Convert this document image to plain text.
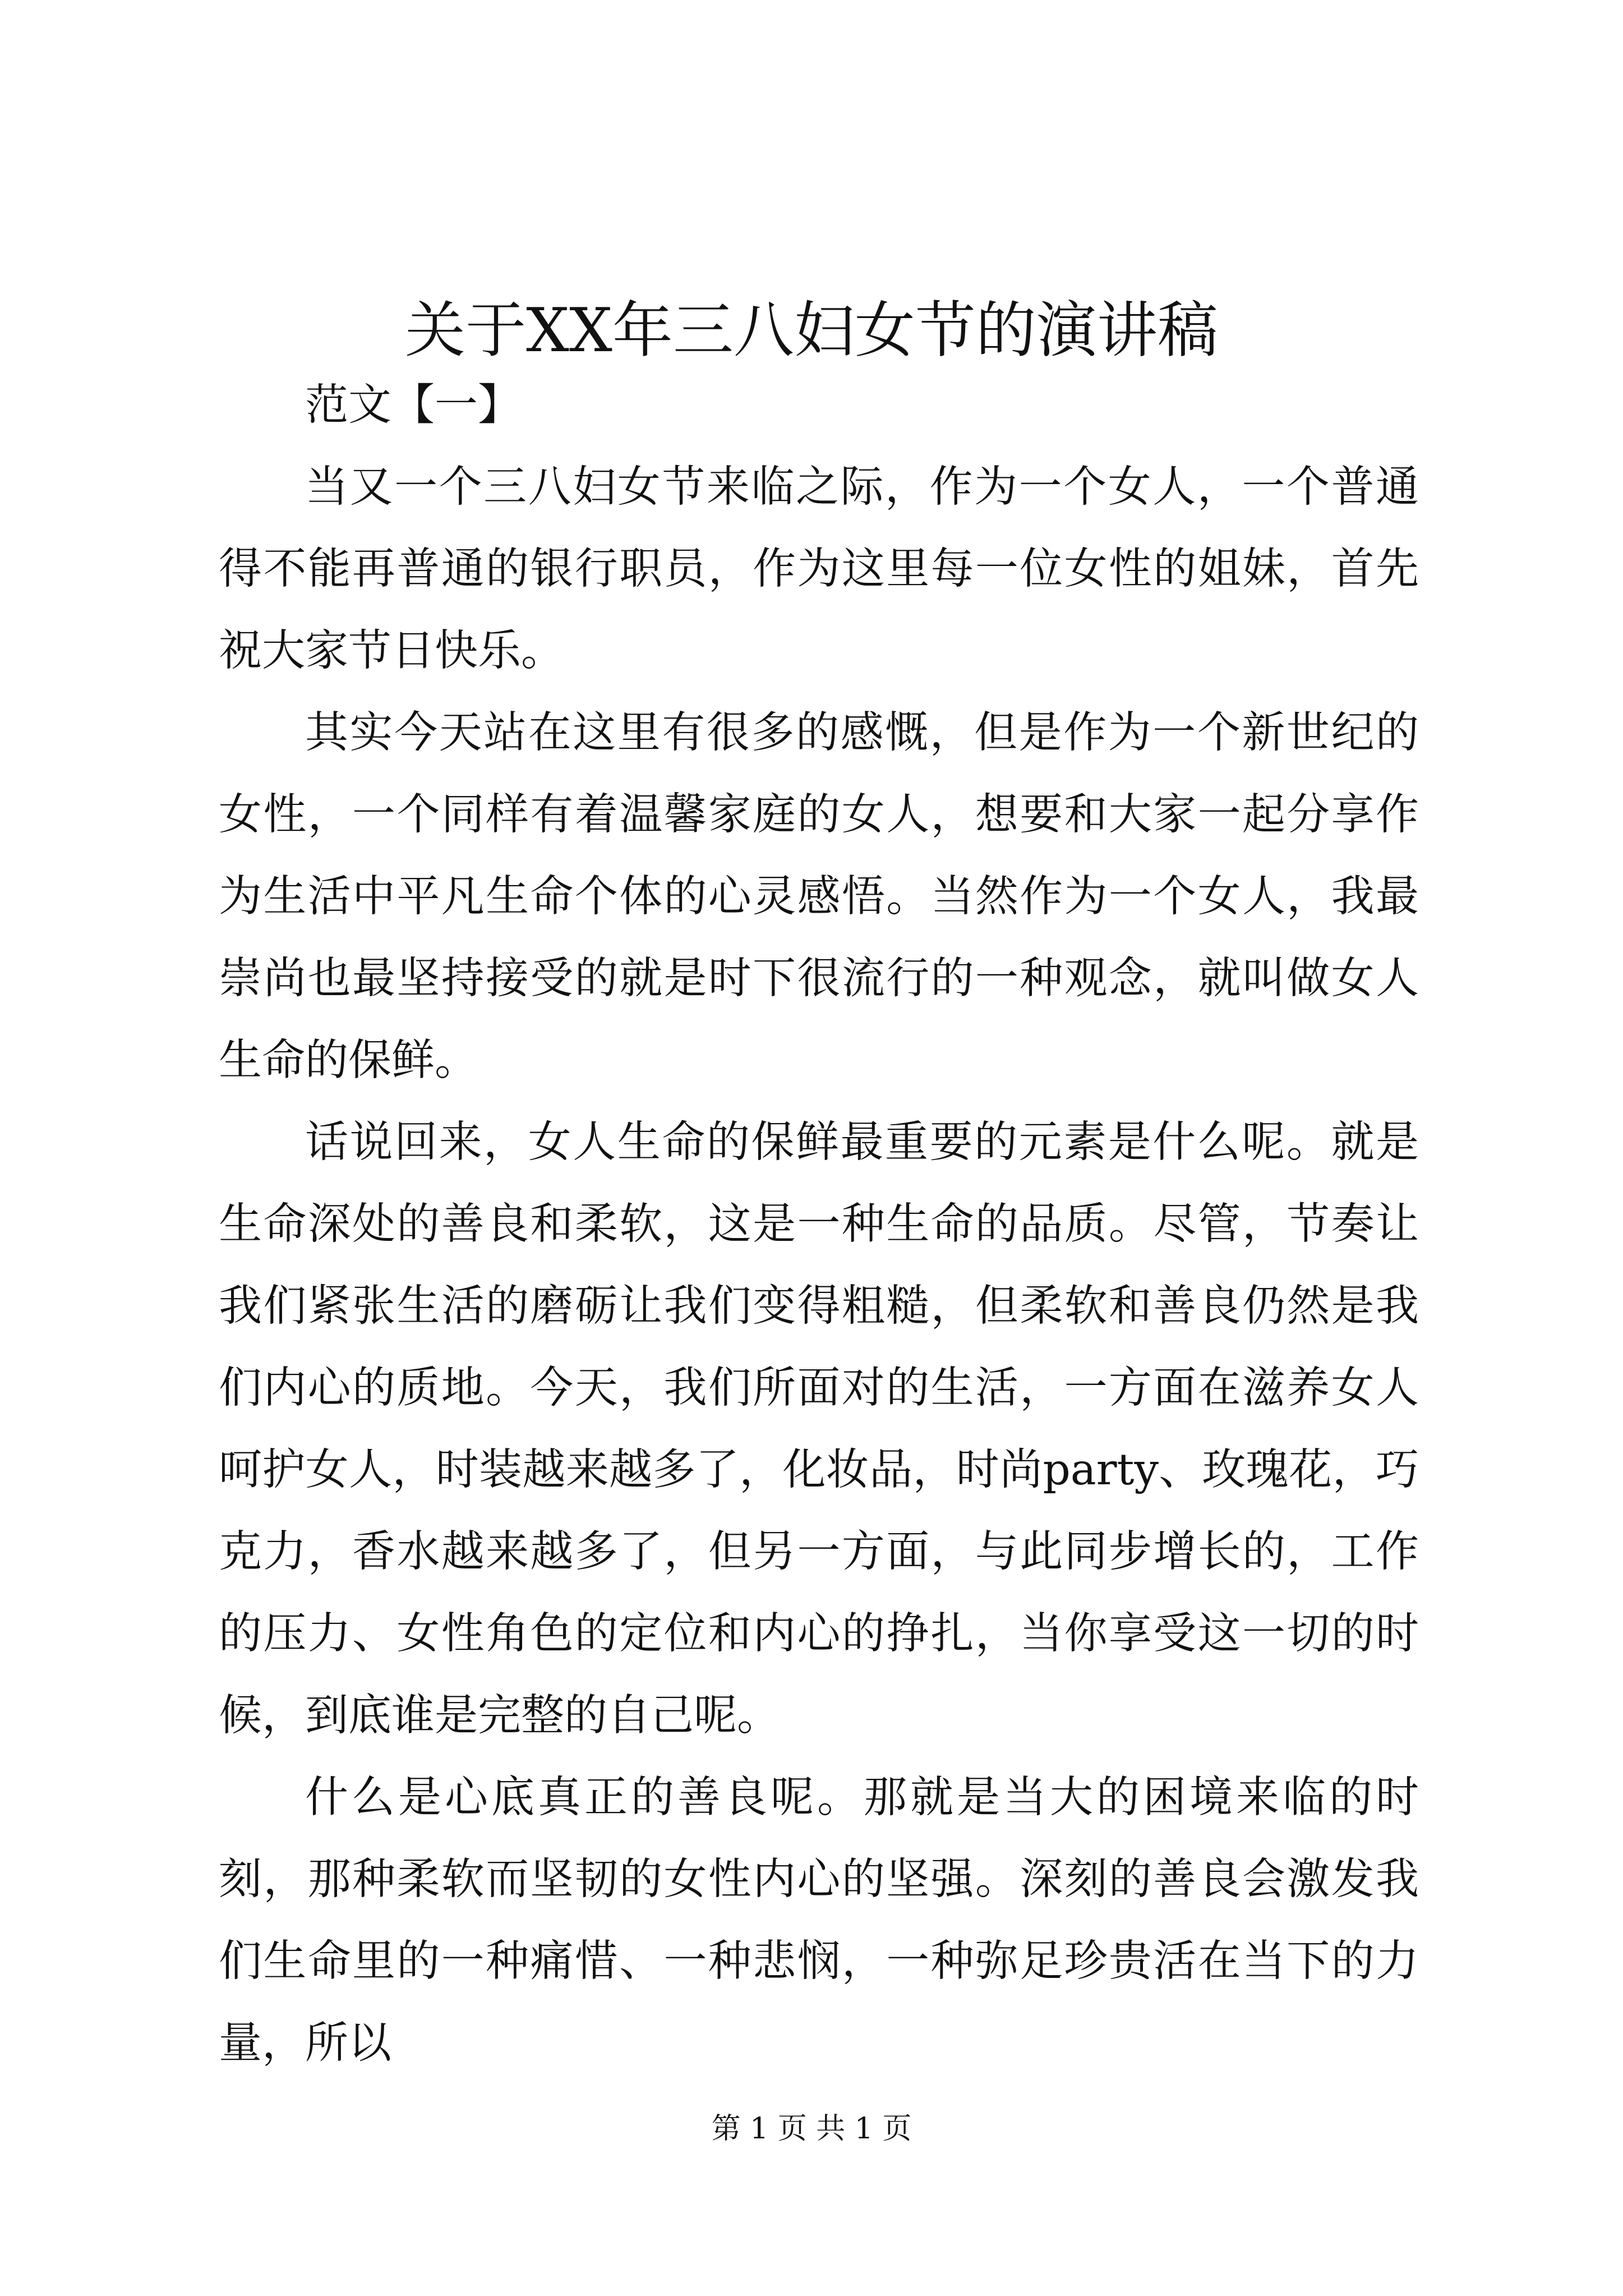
关于XX年三八妇女节的演讲稿

范文【一】

当又一个三八妇女节来临之际，作为一个女人，一个普通得不能再普通的银行职员，作为这里每一位女性的姐妹，首先祝大家节日快乐。

其实今天站在这里有很多的感慨，但是作为一个新世纪的女性，一个同样有着温馨家庭的女人，想要和大家一起分享作为生活中平凡生命个体的心灵感悟。当然作为一个女人，我最崇尚也最坚持接受的就是时下很流行的一种观念，就叫做女人生命的保鲜。

话说回来，女人生命的保鲜最重要的元素是什么呢。就是生命深处的善良和柔软，这是一种生命的品质。尽管，节奏让我们紧张生活的磨砺让我们变得粗糙，但柔软和善良仍然是我们内心的质地。今天，我们所面对的生活，一方面在滋养女人呵护女人，时装越来越多了，化妆品，时尚party、玫瑰花，巧克力，香水越来越多了，但另一方面，与此同步增长的，工作的压力、女性角色的定位和内心的挣扎，当你享受这一切的时候，到底谁是完整的自己呢。

什么是心底真正的善良呢。那就是当大的困境来临的时刻，那种柔软而坚韧的女性内心的坚强。深刻的善良会激发我们生命里的一种痛惜、一种悲悯，一种弥足珍贵活在当下的力量，所以

第 1 页 共 1 页
